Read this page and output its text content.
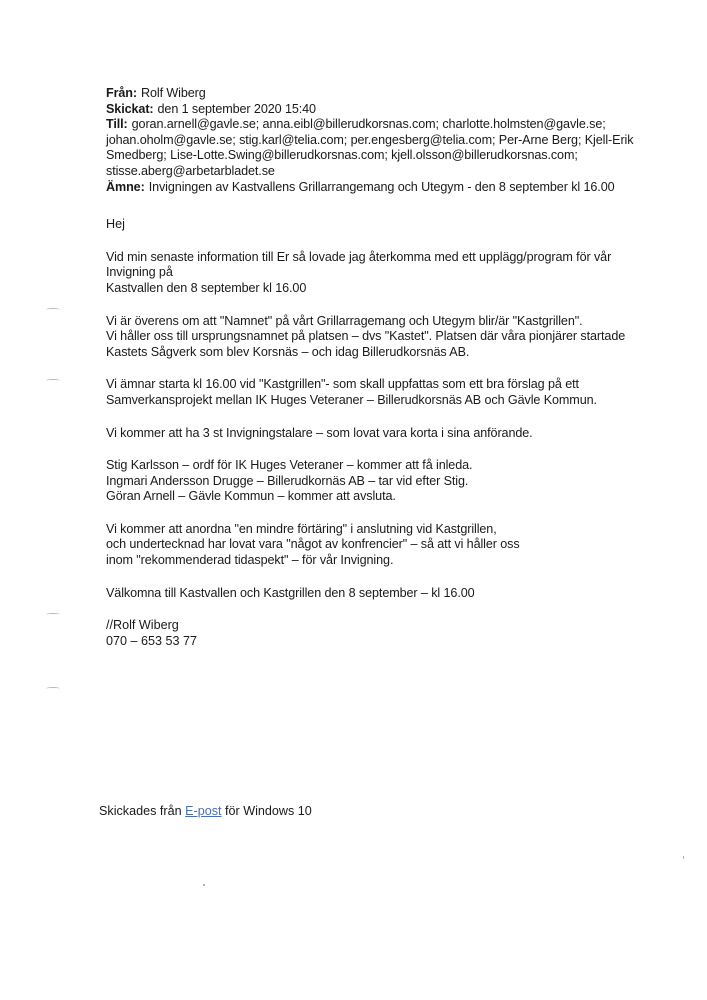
Från: Rolf Wiberg
Skickat: den 1 september 2020 15:40
Till: goran.arnell@gavle.se; anna.eibl@billerudkorsnas.com; charlotte.holmsten@gavle.se; johan.oholm@gavle.se; stig.karl@telia.com; per.engesberg@telia.com; Per-Arne Berg; Kjell-Erik Smedberg; Lise-Lotte.Swing@billerudkorsnas.com; kjell.olsson@billerudkorsnas.com; stisse.aberg@arbetarbladet.se
Ämne: Invigningen av Kastvallens Grillarrangemang och Utegym - den 8 september kl 16.00
Hej
Vid min senaste information till Er så lovade jag återkomma med ett upplägg/program för vår
Invigning på
Kastvallen den 8 september kl 16.00
Vi är överens om att "Namnet" på vårt Grillarragemang och Utegym blir/är "Kastgrillen".
Vi håller oss till ursprungsnamnet på platsen – dvs "Kastet". Platsen där våra pionjärer startade
Kastets Sågverk som blev Korsnäs – och idag Billerudkorsnäs AB.
Vi ämnar starta kl 16.00 vid "Kastgrillen"- som skall uppfattas som ett bra förslag på ett
Samverkansprojekt mellan IK Huges Veteraner – Billerudkorsnäs AB och Gävle Kommun.
Vi kommer att ha 3 st Invigningstalare – som lovat vara korta i sina anförande.
Stig Karlsson – ordf för IK Huges Veteraner – kommer att få inleda.
Ingmari Andersson Drugge – Billerudkornäs AB – tar vid efter Stig.
Göran Arnell – Gävle Kommun – kommer att avsluta.
Vi kommer att anordna "en mindre förtäring" i anslutning vid Kastgrillen,
och undertecknad har lovat vara "något av konfrencier" – så att vi håller oss
inom "rekommenderad tidaspekt" – för vår Invigning.
Välkomna till Kastvallen och Kastgrillen den 8 september – kl 16.00
//Rolf Wiberg
070 – 653 53 77
Skickades från E-post för Windows 10
